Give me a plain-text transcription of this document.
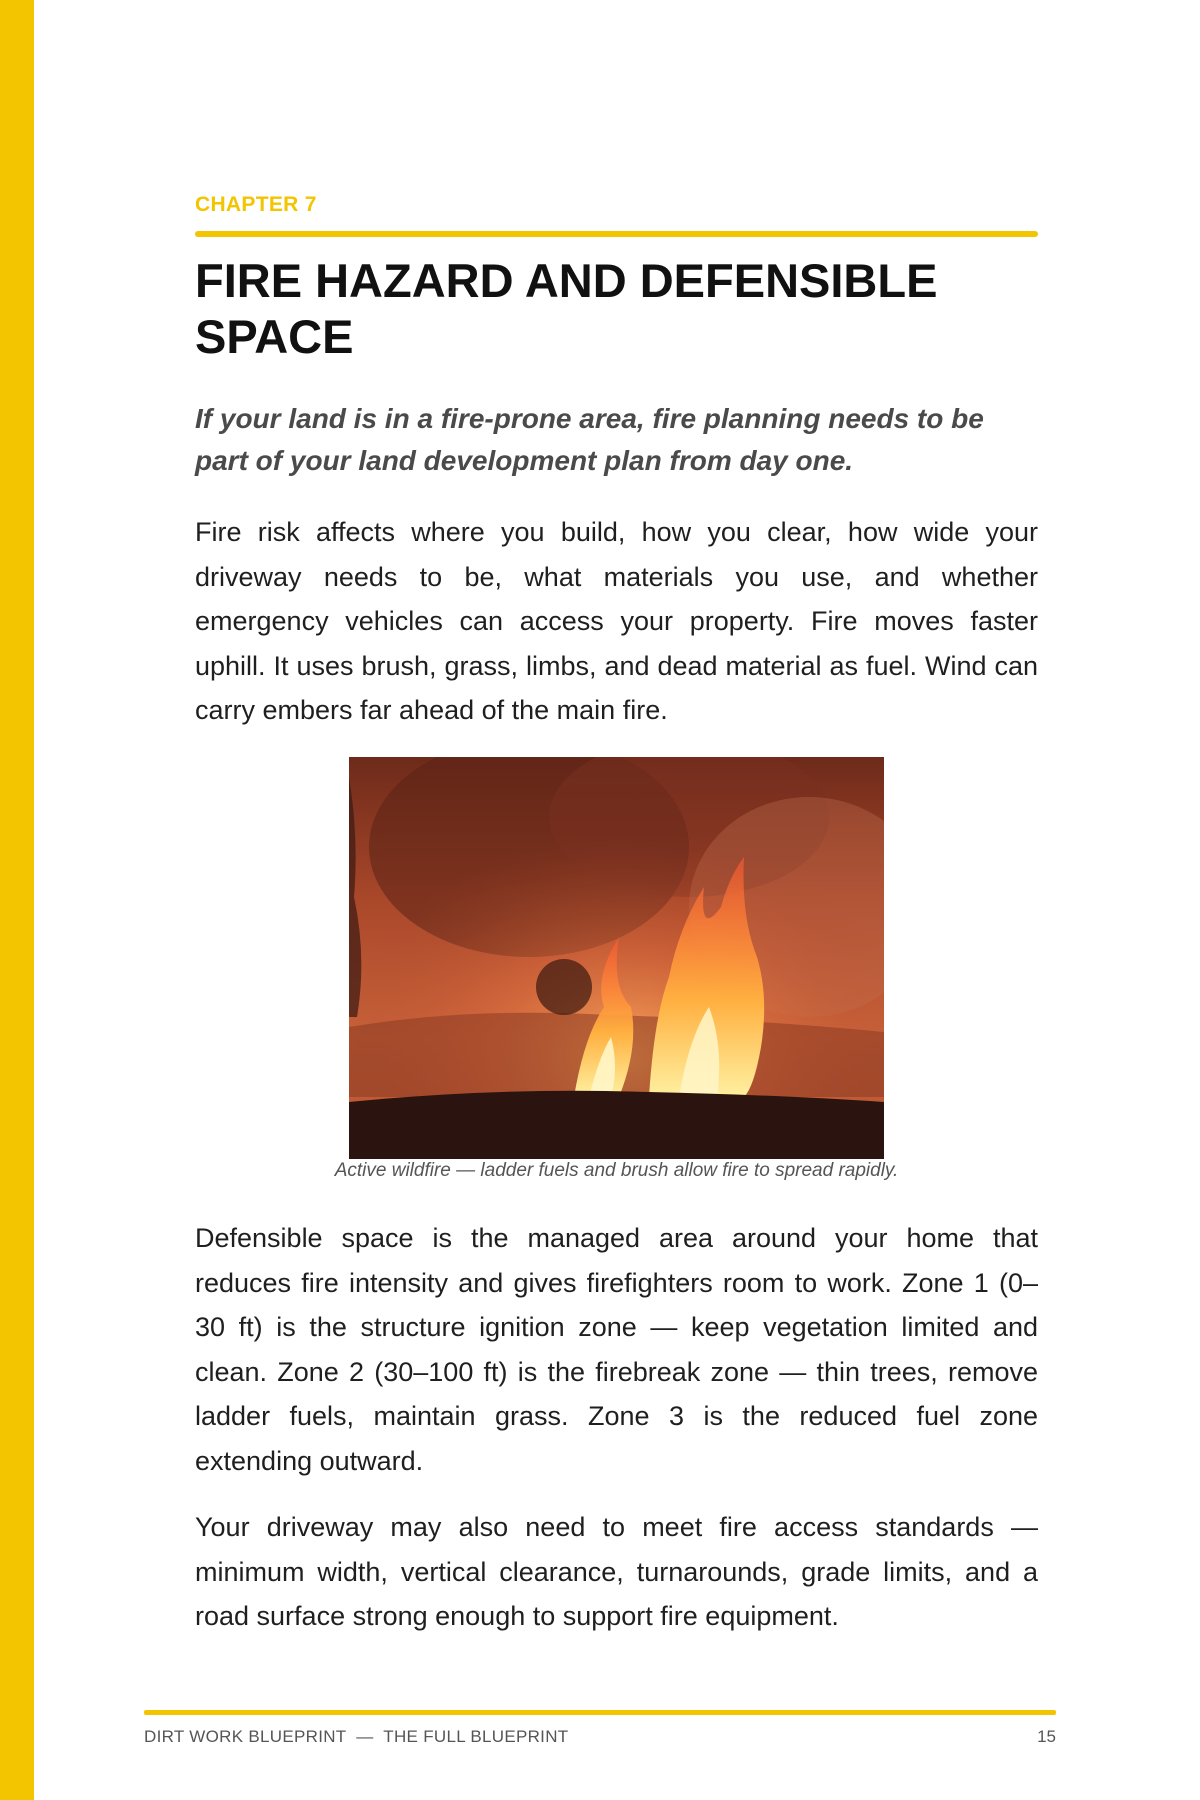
CHAPTER 7
FIRE HAZARD AND DEFENSIBLE SPACE

If your land is in a fire-prone area, fire planning needs to be part of your land development plan from day one.

Fire risk affects where you build, how you clear, how wide your driveway needs to be, what materials you use, and whether emergency vehicles can access your property. Fire moves faster uphill. It uses brush, grass, limbs, and dead material as fuel. Wind can carry embers far ahead of the main fire.

Active wildfire — ladder fuels and brush allow fire to spread rapidly.

Defensible space is the managed area around your home that reduces fire intensity and gives firefighters room to work. Zone 1 (0–30 ft) is the structure ignition zone — keep vegetation limited and clean. Zone 2 (30–100 ft) is the firebreak zone — thin trees, remove ladder fuels, maintain grass. Zone 3 is the reduced fuel zone extending outward.

Your driveway may also need to meet fire access standards — minimum width, vertical clearance, turnarounds, grade limits, and a road surface strong enough to support fire equipment.

DIRT WORK BLUEPRINT  —  THE FULL BLUEPRINT	15
